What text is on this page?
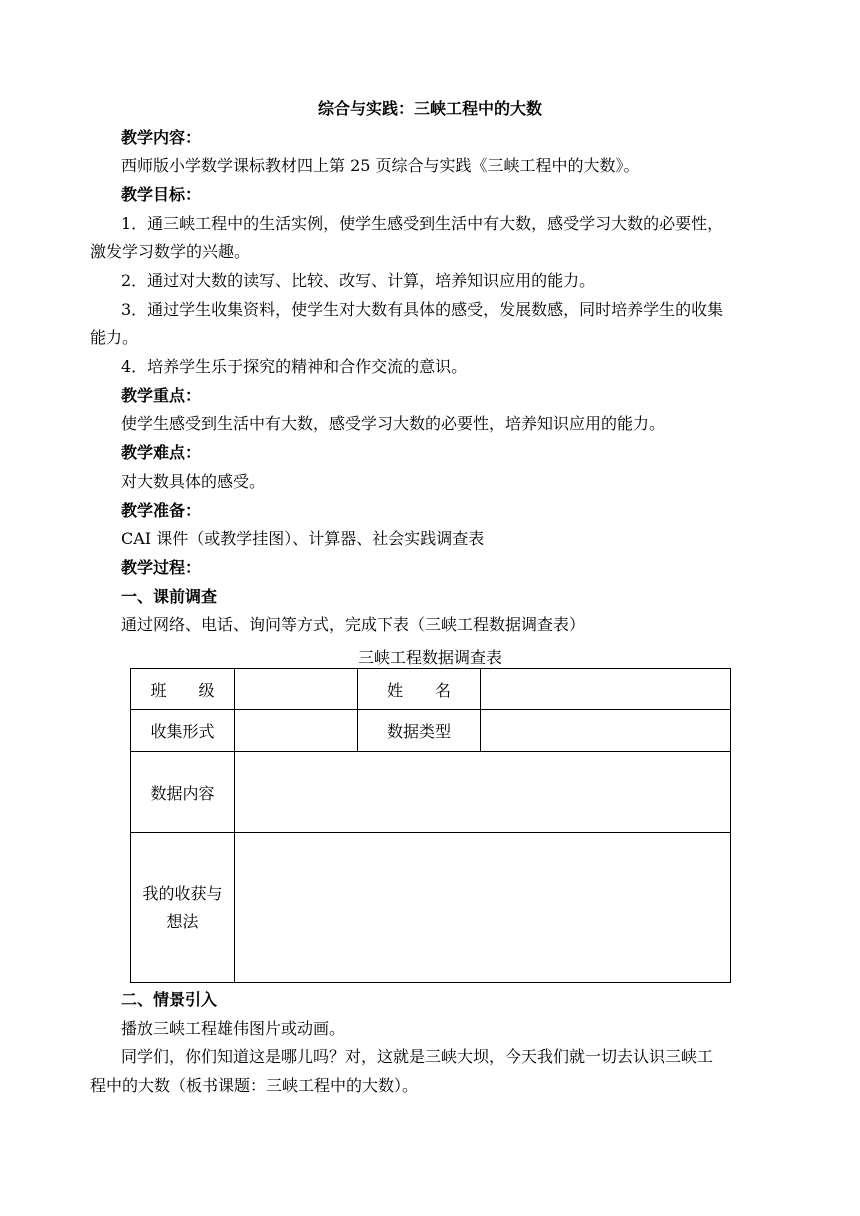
综合与实践：三峡工程中的大数
教学内容：
西师版小学数学课标教材四上第 25 页综合与实践《三峡工程中的大数》。
教学目标：
1．通三峡工程中的生活实例，使学生感受到生活中有大数，感受学习大数的必要性，
激发学习数学的兴趣。
2．通过对大数的读写、比较、改写、计算，培养知识应用的能力。
3．通过学生收集资料，使学生对大数有具体的感受，发展数感，同时培养学生的收集
能力。
4．培养学生乐于探究的精神和合作交流的意识。
教学重点：
使学生感受到生活中有大数，感受学习大数的必要性，培养知识应用的能力。
教学难点：
对大数具体的感受。
教学准备：
CAI 课件（或教学挂图）、计算器、社会实践调查表
教学过程：
一、课前调查
通过网络、电话、询问等方式，完成下表（三峡工程数据调查表）
三峡工程数据调查表
班　　级		姓　　名	
收集形式		数据类型	
数据内容			

我的收获与
想法			

二、情景引入
播放三峡工程雄伟图片或动画。
同学们，你们知道这是哪儿吗？对，这就是三峡大坝，今天我们就一切去认识三峡工
程中的大数（板书课题：三峡工程中的大数）。
